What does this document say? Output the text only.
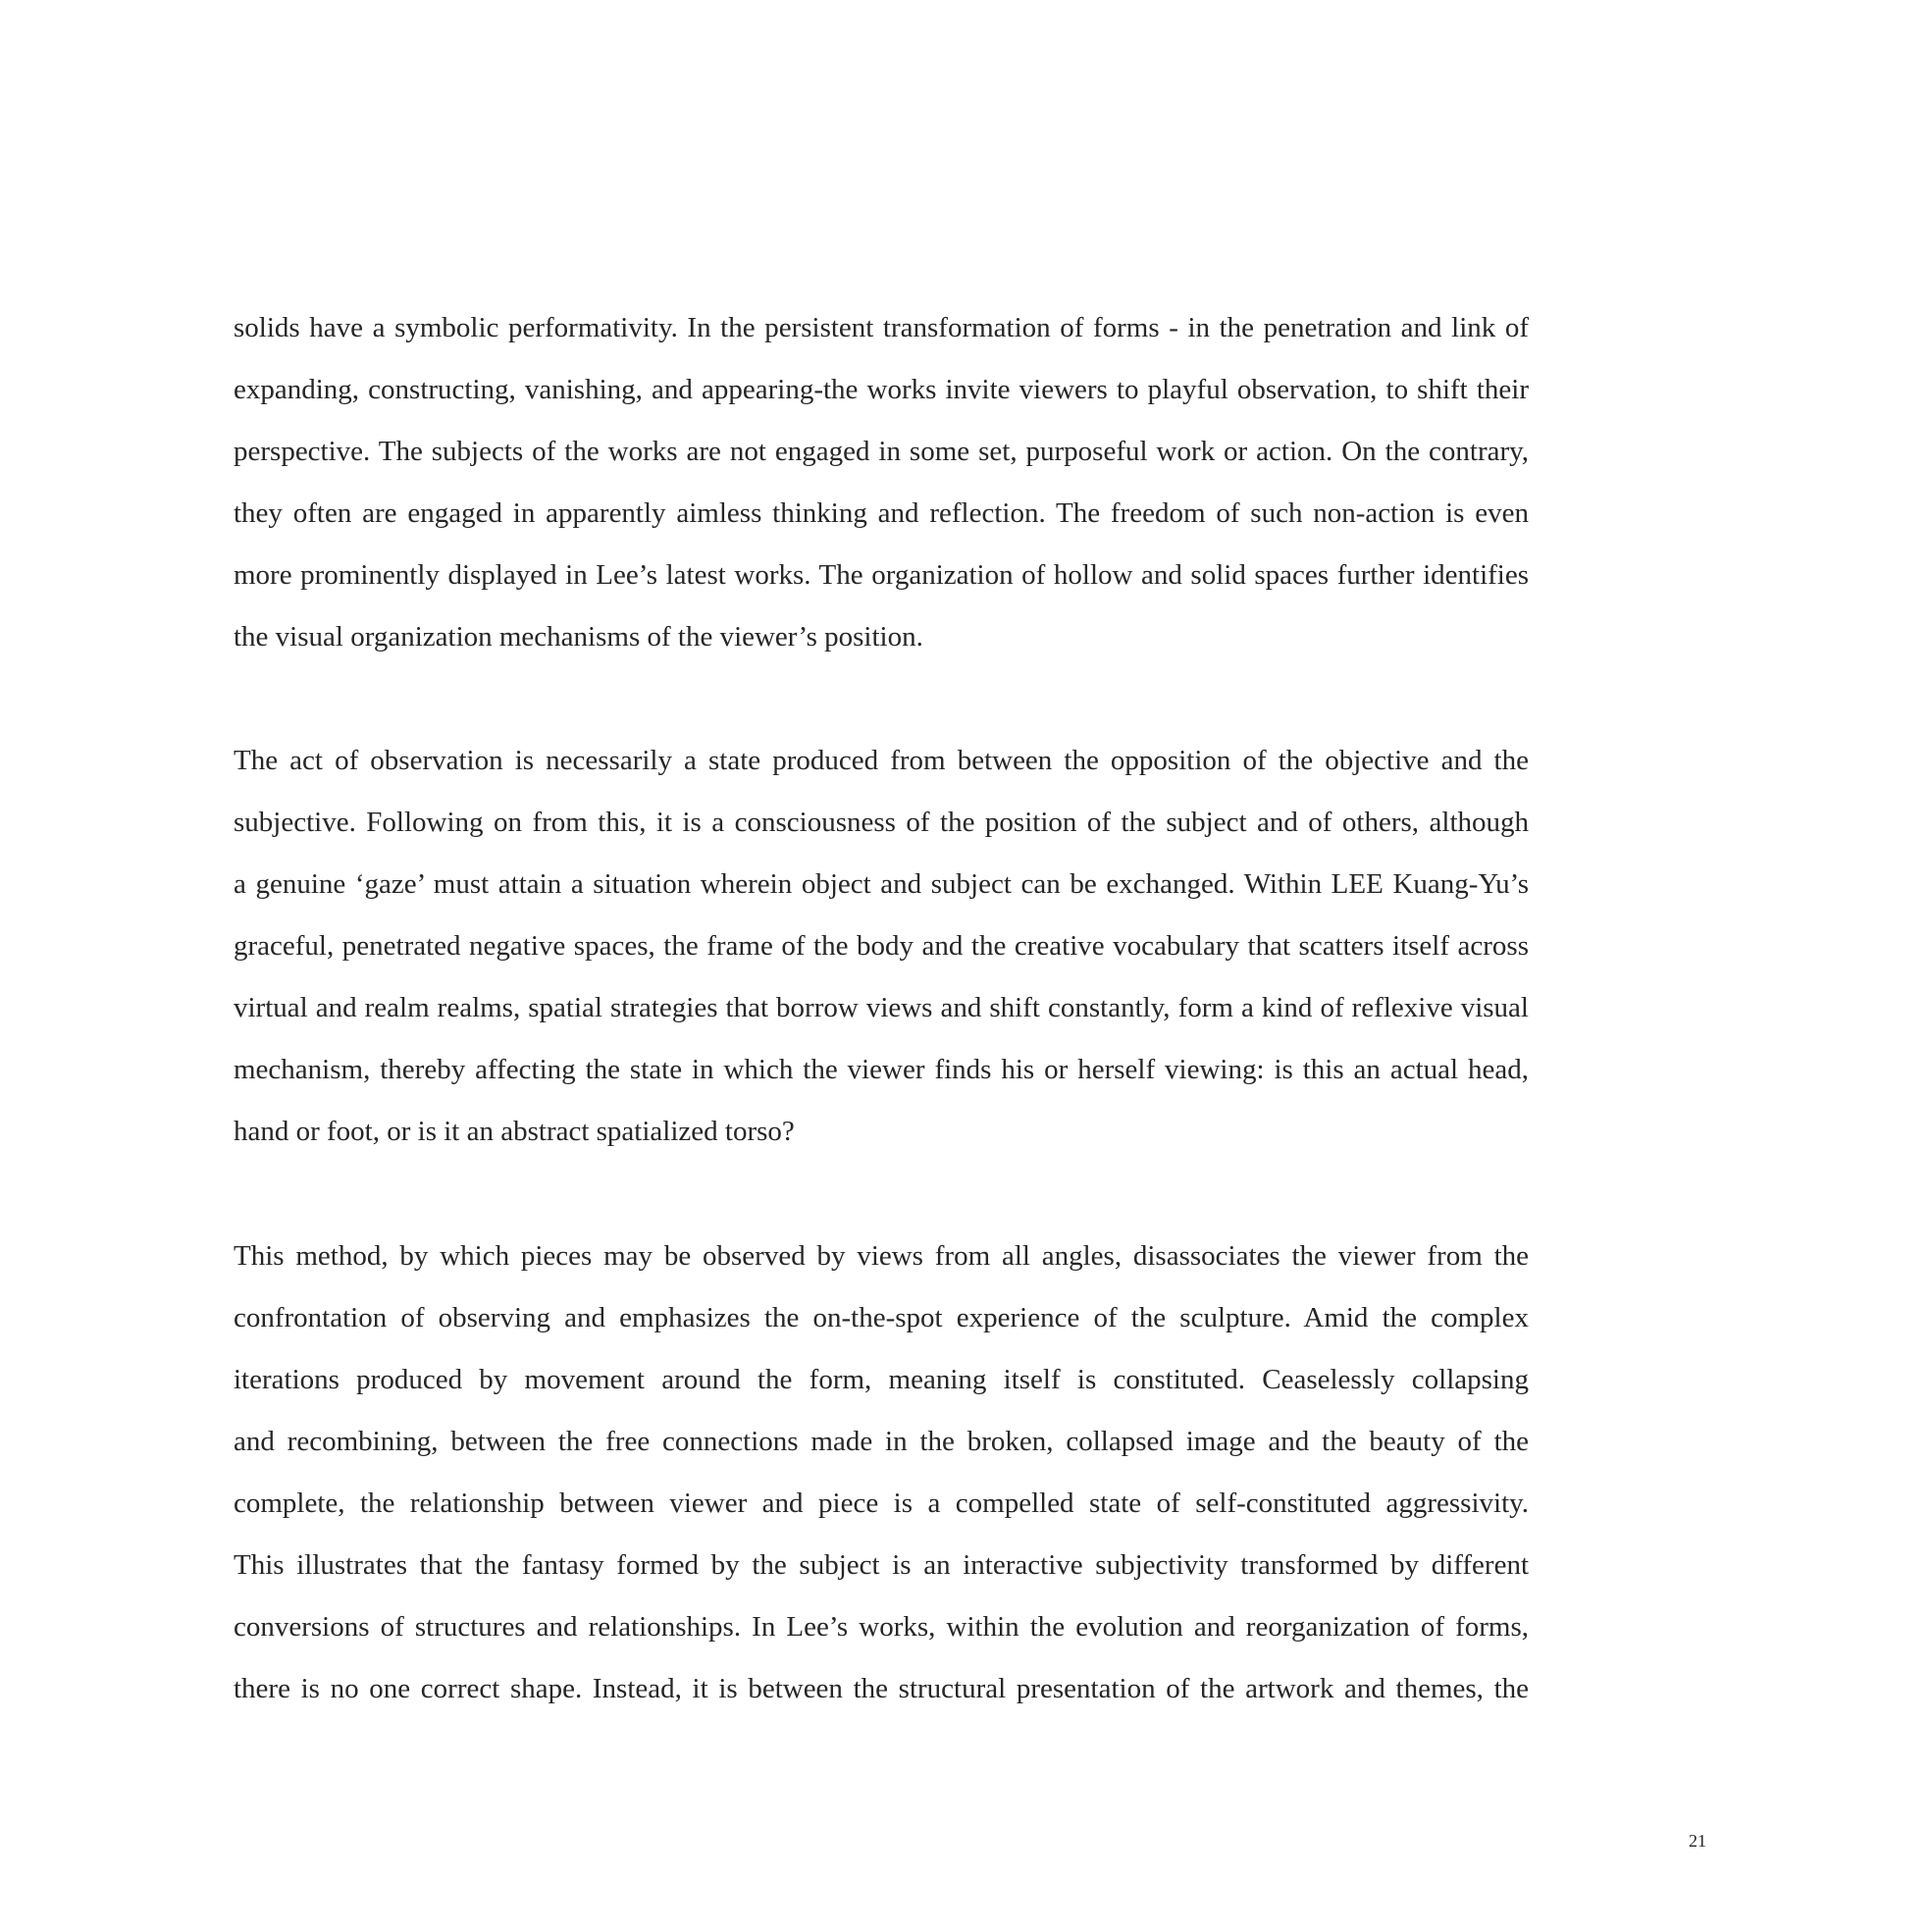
solids have a symbolic performativity. In the persistent transformation of forms - in the penetration and link of
expanding, constructing, vanishing, and appearing-the works invite viewers to playful observation, to shift their
perspective. The subjects of the works are not engaged in some set, purposeful work or action. On the contrary,
they often are engaged in apparently aimless thinking and reflection. The freedom of such non-action is even
more prominently displayed in Lee’s latest works. The organization of hollow and solid spaces further identifies
the visual organization mechanisms of the viewer’s position.
The act of observation is necessarily a state produced from between the opposition of the objective and the
subjective. Following on from this, it is a consciousness of the position of the subject and of others, although
a genuine ‘gaze’ must attain a situation wherein object and subject can be exchanged. Within LEE Kuang-Yu’s
graceful, penetrated negative spaces, the frame of the body and the creative vocabulary that scatters itself across
virtual and realm realms, spatial strategies that borrow views and shift constantly, form a kind of reflexive visual
mechanism, thereby affecting the state in which the viewer finds his or herself viewing: is this an actual head,
hand or foot, or is it an abstract spatialized torso?
This method, by which pieces may be observed by views from all angles, disassociates the viewer from the
confrontation of observing and emphasizes the on-the-spot experience of the sculpture. Amid the complex
iterations produced by movement around the form, meaning itself is constituted. Ceaselessly collapsing
and recombining, between the free connections made in the broken, collapsed image and the beauty of the
complete, the relationship between viewer and piece is a compelled state of self-constituted aggressivity.
This illustrates that the fantasy formed by the subject is an interactive subjectivity transformed by different
conversions of structures and relationships. In Lee’s works, within the evolution and reorganization of forms,
there is no one correct shape. Instead, it is between the structural presentation of the artwork and themes, the
21
